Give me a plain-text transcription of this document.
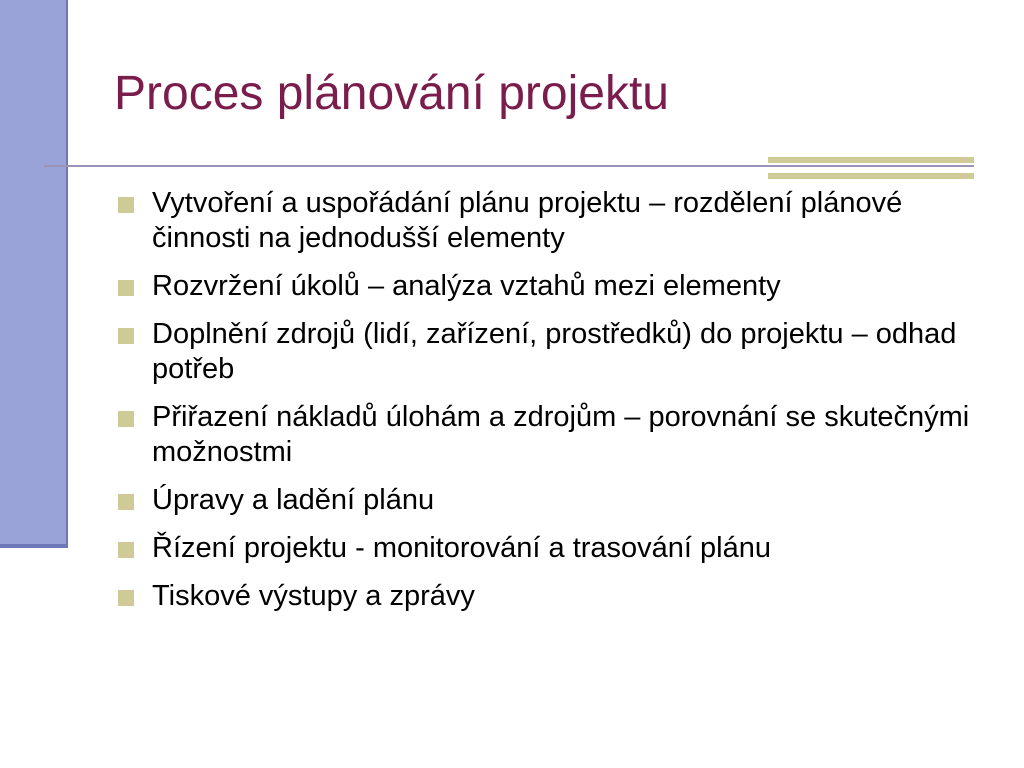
Proces plánování projektu
Vytvoření a uspořádání plánu projektu – rozdělení plánové činnosti na jednodušší elementy
Rozvržení úkolů – analýza vztahů mezi elementy
Doplnění zdrojů (lidí, zařízení, prostředků) do projektu – odhad potřeb
Přiřazení nákladů úlohám a zdrojům – porovnání se skutečnými možnostmi
Úpravy a ladění plánu
Řízení projektu - monitorování a trasování plánu
Tiskové výstupy a zprávy
